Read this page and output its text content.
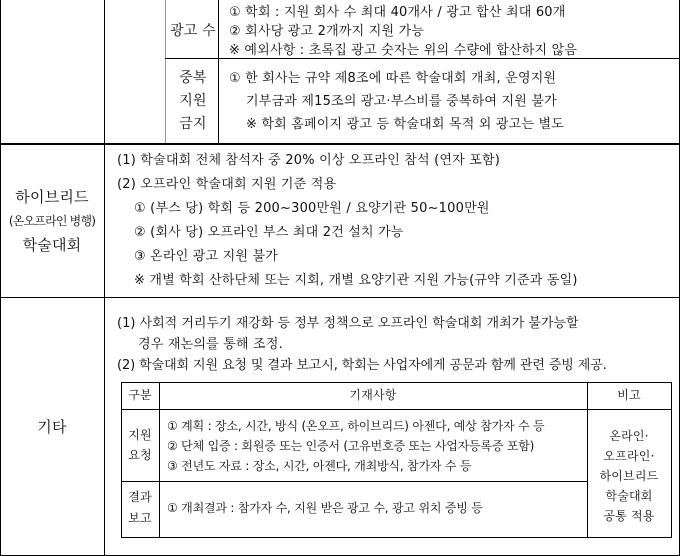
광고 수
① 학회 : 지원 회사 수 최대 40개사 / 광고 합산 최대 60개
② 회사당 광고 2개까지 지원 가능
※ 예외사항 : 초록집 광고 숫자는 위의 수량에 합산하지 않음
중복
지원
금지
① 한 회사는 규약 제8조에 따른 학술대회 개최, 운영지원
기부금과 제15조의 광고·부스비를 중복하여 지원 불가
※ 학회 홈페이지 광고 등 학술대회 목적 외 광고는 별도
하이브리드
(온오프라인 병행)
학술대회
(1) 학술대회 전체 참석자 중 20% 이상 오프라인 참석 (연자 포함)
(2) 오프라인 학술대회 지원 기준 적용
① (부스 당) 학회 등 200~300만원 / 요양기관 50~100만원
② (회사 당) 오프라인 부스 최대 2건 설치 가능
③ 온라인 광고 지원 불가
※ 개별 학회 산하단체 또는 지회, 개별 요양기관 지원 가능(규약 기준과 동일)
기타
(1) 사회적 거리두기 재강화 등 정부 정책으로 오프라인 학술대회 개최가 불가능할
경우 재논의를 통해 조정.
(2) 학술대회 지원 요청 및 결과 보고시, 학회는 사업자에게 공문과 함께 관련 증빙 제공.
구분	기재사항	비고
지원
요청
① 계획 : 장소, 시간, 방식 (온오프, 하이브리드) 아젠다, 예상 참가자 수 등
② 단체 입증 : 회원증 또는 인증서 (고유번호증 또는 사업자등록증 포함)
③ 전년도 자료 : 장소, 시간, 아젠다, 개최방식, 참가자 수 등
결과
보고
① 개최결과 : 참가자 수, 지원 받은 광고 수, 광고 위치 증빙 등
온라인·
오프라인·
하이브리드
학술대회
공통 적용
